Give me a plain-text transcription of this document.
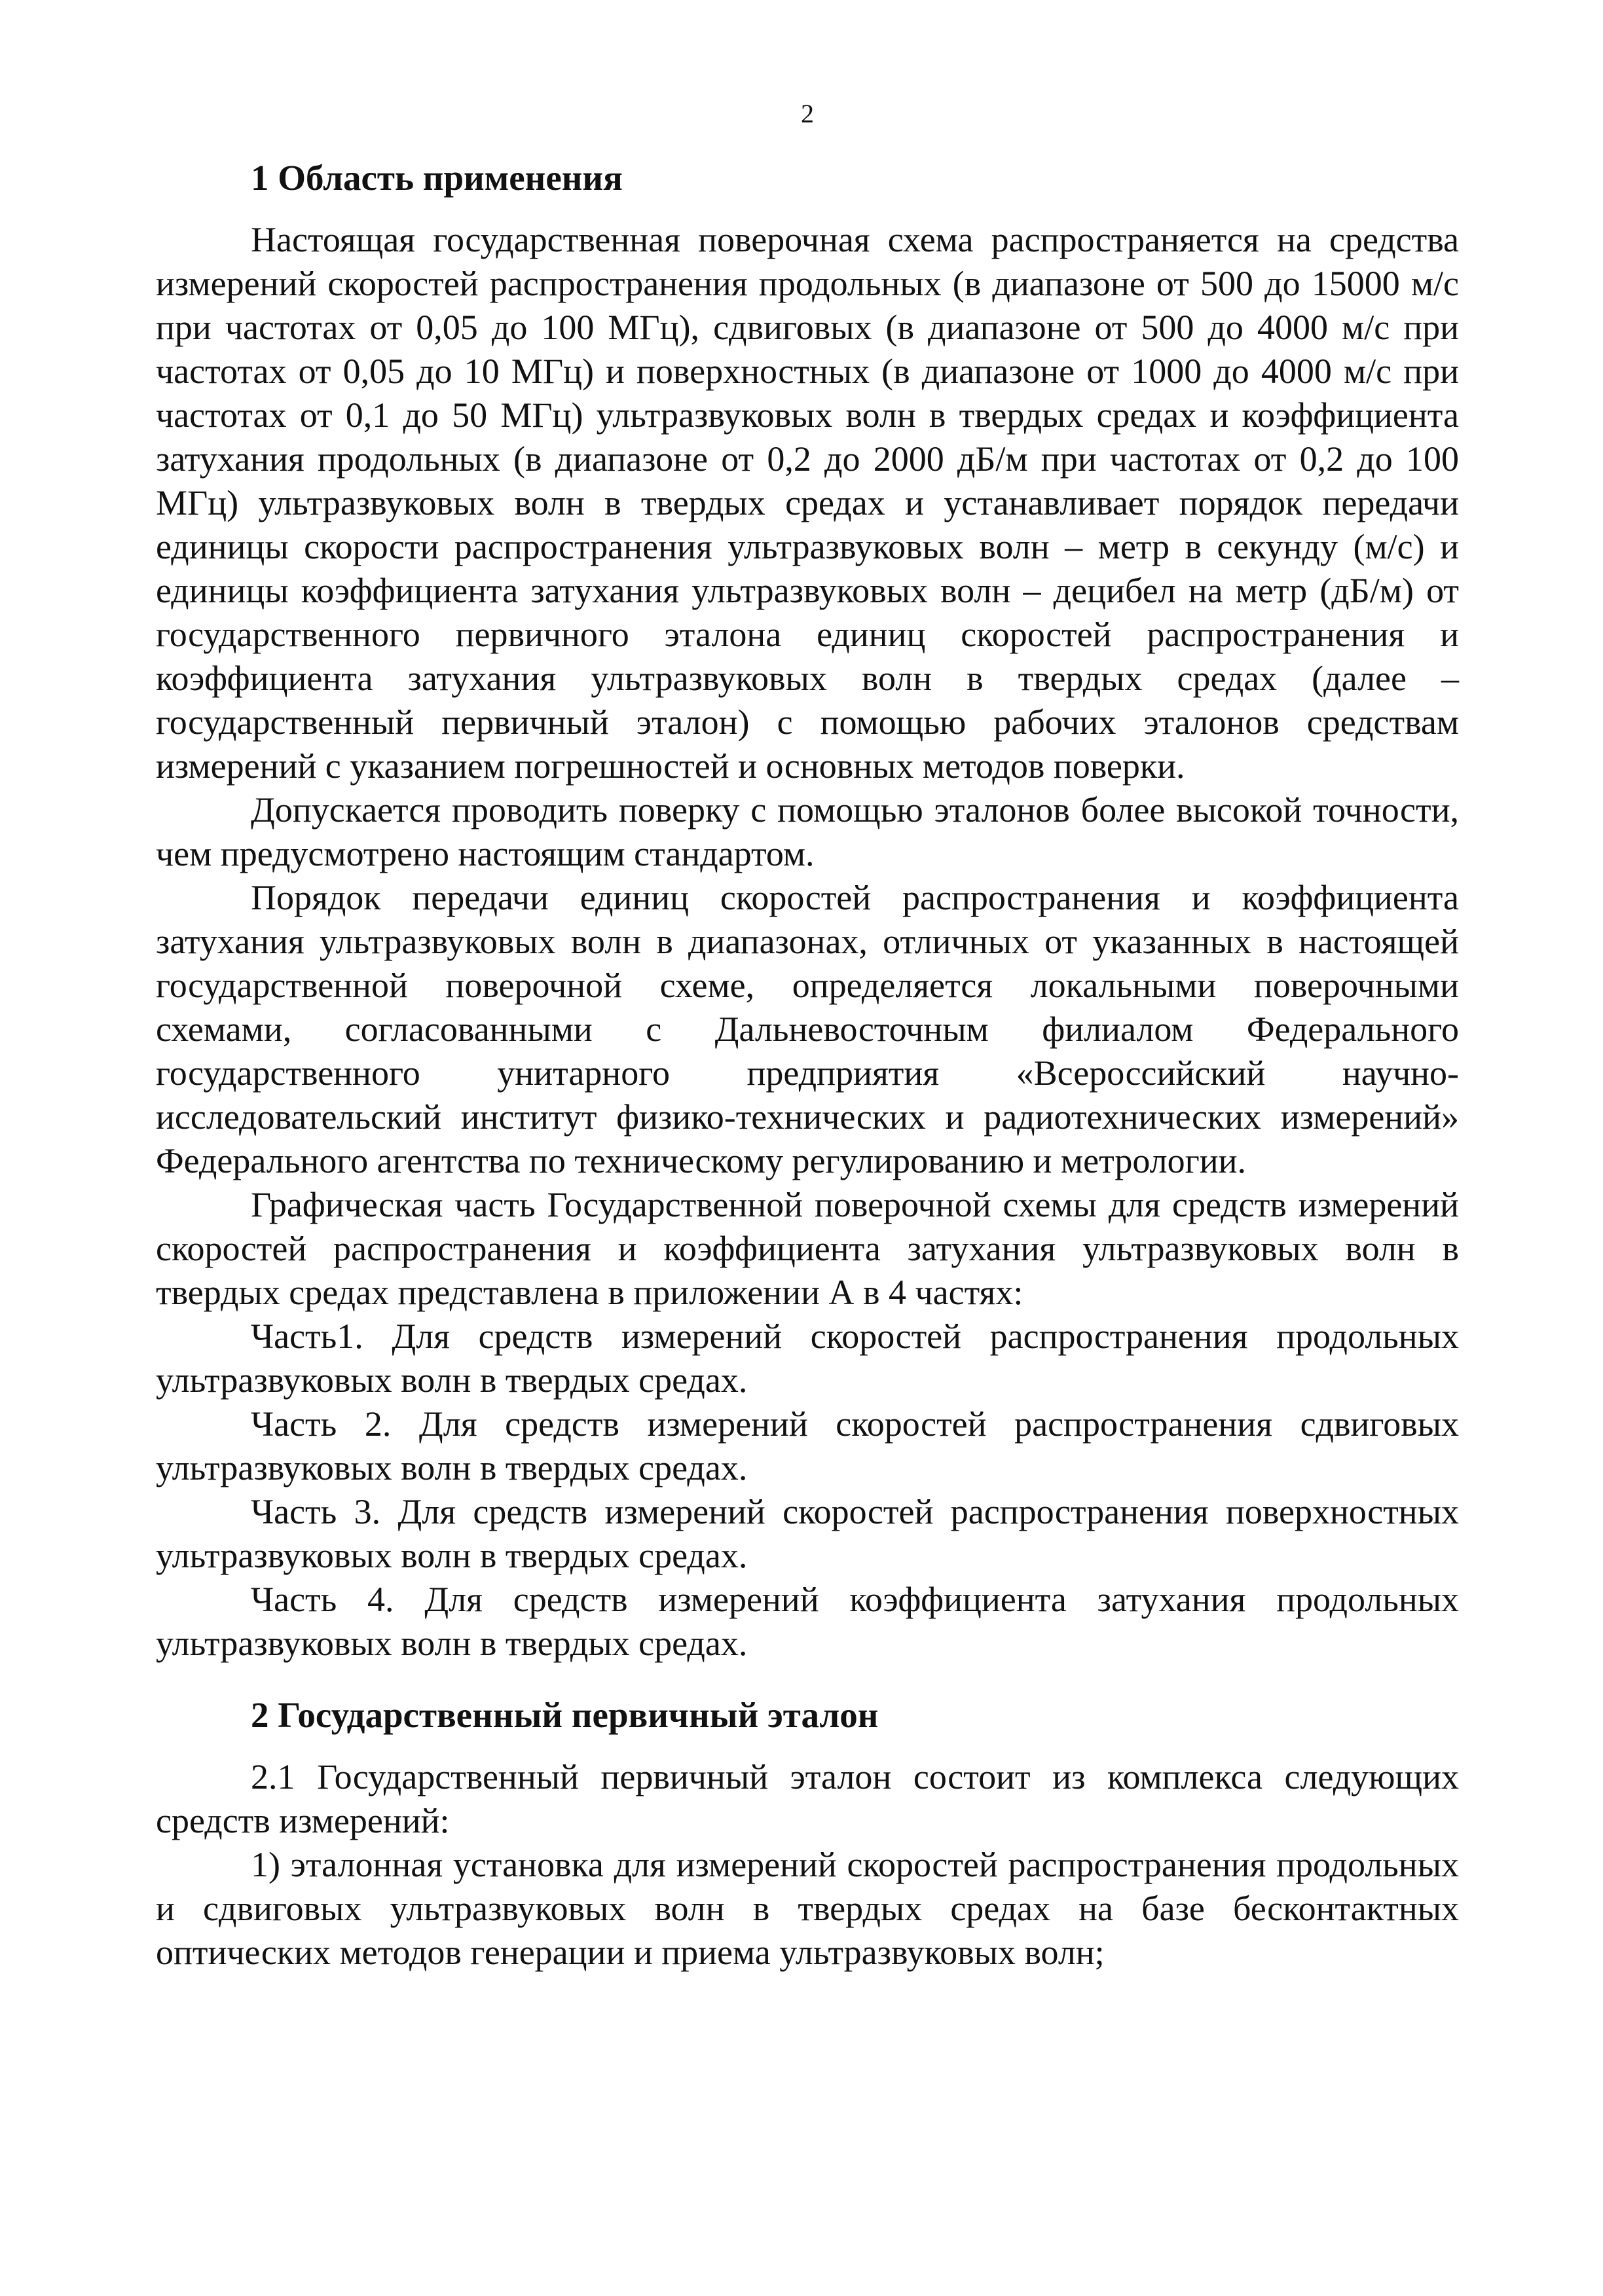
2
1 Область применения

Настоящая государственная поверочная схема распространяется на средства измерений скоростей распространения продольных (в диапазоне от 500 до 15000 м/с при частотах от 0,05 до 100 МГц), сдвиговых (в диапазоне от 500 до 4000 м/с при частотах от 0,05 до 10 МГц) и поверхностных (в диапазоне от 1000 до 4000 м/с при частотах от 0,1 до 50 МГц) ультразвуковых волн в твердых средах и коэффициента затухания продольных (в диапазоне от 0,2 до 2000 дБ/м при частотах от 0,2 до 100 МГц) ультразвуковых волн в твердых средах и устанавливает порядок передачи единицы скорости распространения ультразвуковых волн – метр в секунду (м/с) и единицы коэффициента затухания ультразвуковых волн – децибел на метр (дБ/м) от государственного первичного эталона единиц скоростей распространения и коэффициента затухания ультразвуковых волн в твердых средах (далее – государственный первичный эталон) с помощью рабочих эталонов средствам измерений с указанием погрешностей и основных методов поверки.

Допускается проводить поверку с помощью эталонов более высокой точности, чем предусмотрено настоящим стандартом.

Порядок передачи единиц скоростей распространения и коэффициента затухания ультразвуковых волн в диапазонах, отличных от указанных в настоящей государственной поверочной схеме, определяется локальными поверочными схемами, согласованными с Дальневосточным филиалом Федерального государственного унитарного предприятия «Всероссийский научно-исследовательский институт физико-технических и радиотехнических измерений» Федерального агентства по техническому регулированию и метрологии.

Графическая часть Государственной поверочной схемы для средств измерений скоростей распространения и коэффициента затухания ультразвуковых волн в твердых средах представлена в приложении А в 4 частях:

Часть1. Для средств измерений скоростей распространения продольных ультразвуковых волн в твердых средах.

Часть 2. Для средств измерений скоростей распространения сдвиговых ультразвуковых волн в твердых средах.

Часть 3. Для средств измерений скоростей распространения поверхностных ультразвуковых волн в твердых средах.

Часть 4. Для средств измерений коэффициента затухания продольных ультразвуковых волн в твердых средах.

2 Государственный первичный эталон

2.1 Государственный первичный эталон состоит из комплекса следующих средств измерений:

1) эталонная установка для измерений скоростей распространения продольных и сдвиговых ультразвуковых волн в твердых средах на базе бесконтактных оптических методов генерации и приема ультразвуковых волн;
